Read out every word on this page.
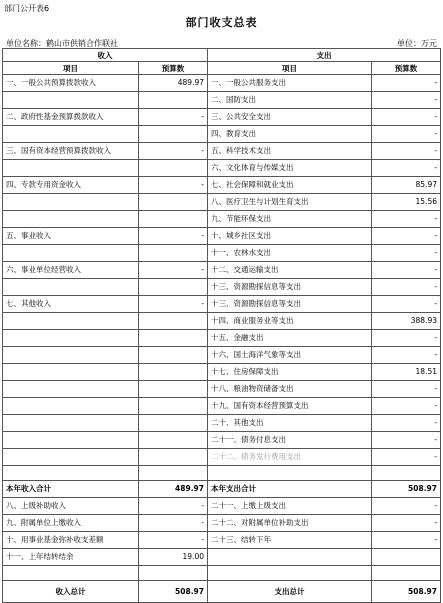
部门公开表6
部门收支总表
单位名称：鹤山市供销合作联社	单位：万元
收入		支出	
项目	预算数	项目	预算数
一、一般公共预算拨款收入	489.97	一、一般公共服务支出	-
		二、国防支出	-
二、政府性基金预算拨款收入	-	三、公共安全支出	-
		四、教育支出	-
三、国有资本经营预算拨款收入	-	五、科学技术支出	-
		六、文化体育与传媒支出	-
四、专款专用资金收入	-	七、社会保障和就业支出	85.97
		八、医疗卫生与计划生育支出	15.56
		九、节能环保支出	-
五、事业收入	-	十、城乡社区支出	-
		十一、农林水支出	-
六、事业单位经营收入	-	十二、交通运输支出	-
		十三、资源勘探信息等支出	-
七、其他收入	-	十三、资源勘探信息等支出	-
		十四、商业服务业等支出	388.93
		十五、金融支出	-
		十六、国土海洋气象等支出	-
		十七、住房保障支出	18.51
		十八、粮油物资储备支出	-
		十九、国有资本经营预算支出	-
		二十、其他支出	-
		二十一、债务付息支出	-
		二十二、债务发行费用支出	-

本年收入合计	489.97	本年支出合计	508.97
八、上级补助收入	-	二十一、上缴上级支出	-
九、附属单位上缴收入	-	二十二、对附属单位补助支出	-
十、用事业基金弥补收支差额	-	二十三、结转下年	-
十一、上年结转结余	19.00		

收入总计	508.97	支出总计	508.97
